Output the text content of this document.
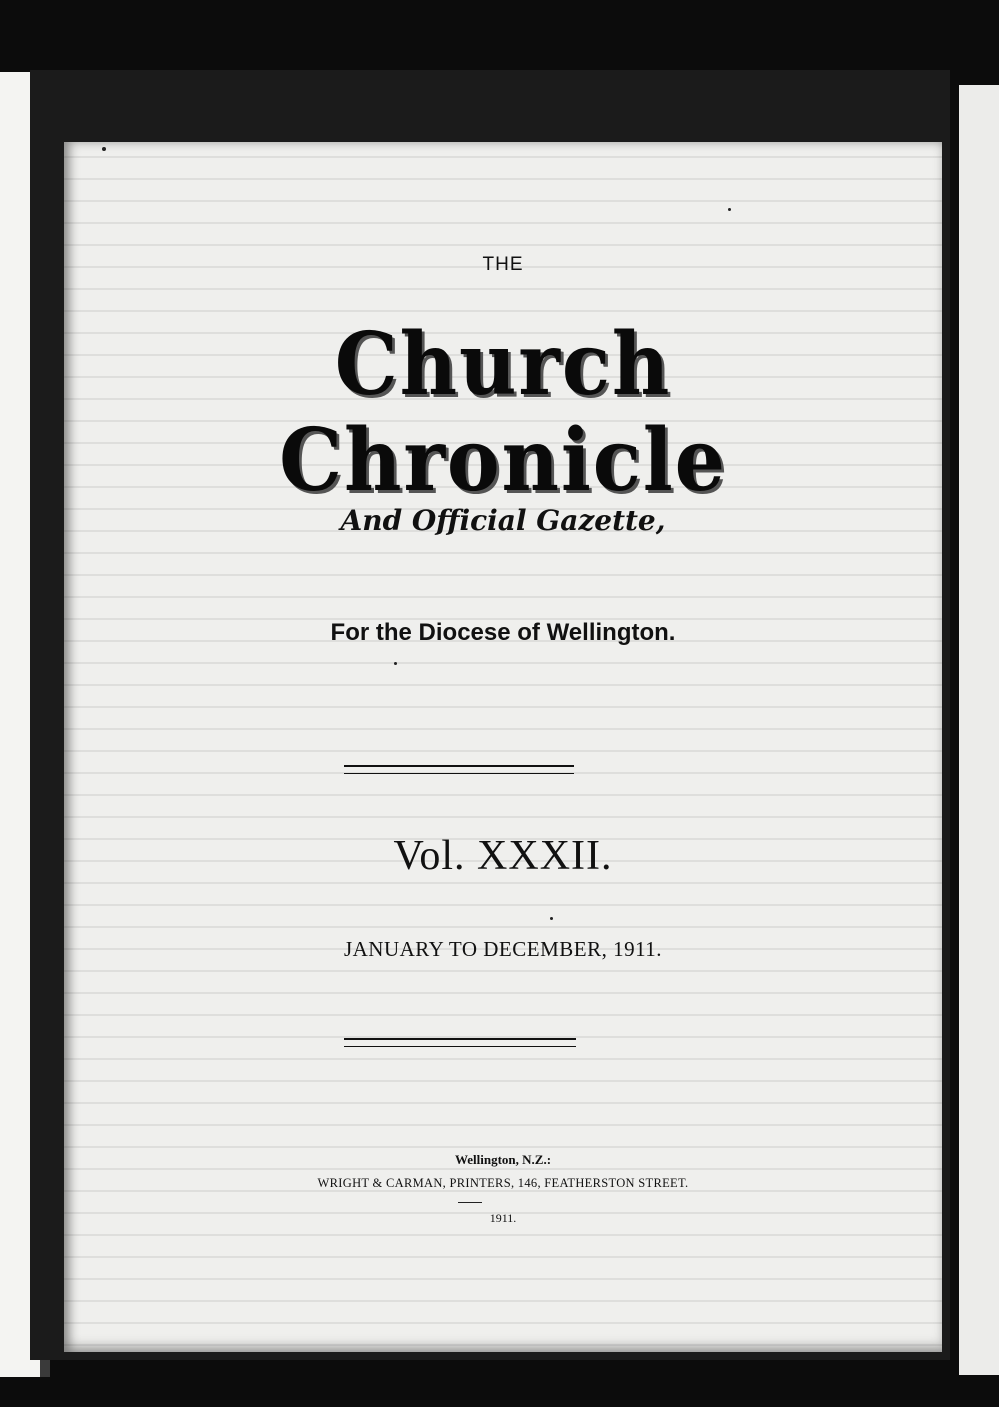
THE
Church Chronicle
And Official Gazette,
For the Diocese of Wellington.
Vol. XXXII.
JANUARY TO DECEMBER, 1911.
Wellington, N.Z.:
WRIGHT & CARMAN, PRINTERS, 146, FEATHERSTON STREET.
1911.
